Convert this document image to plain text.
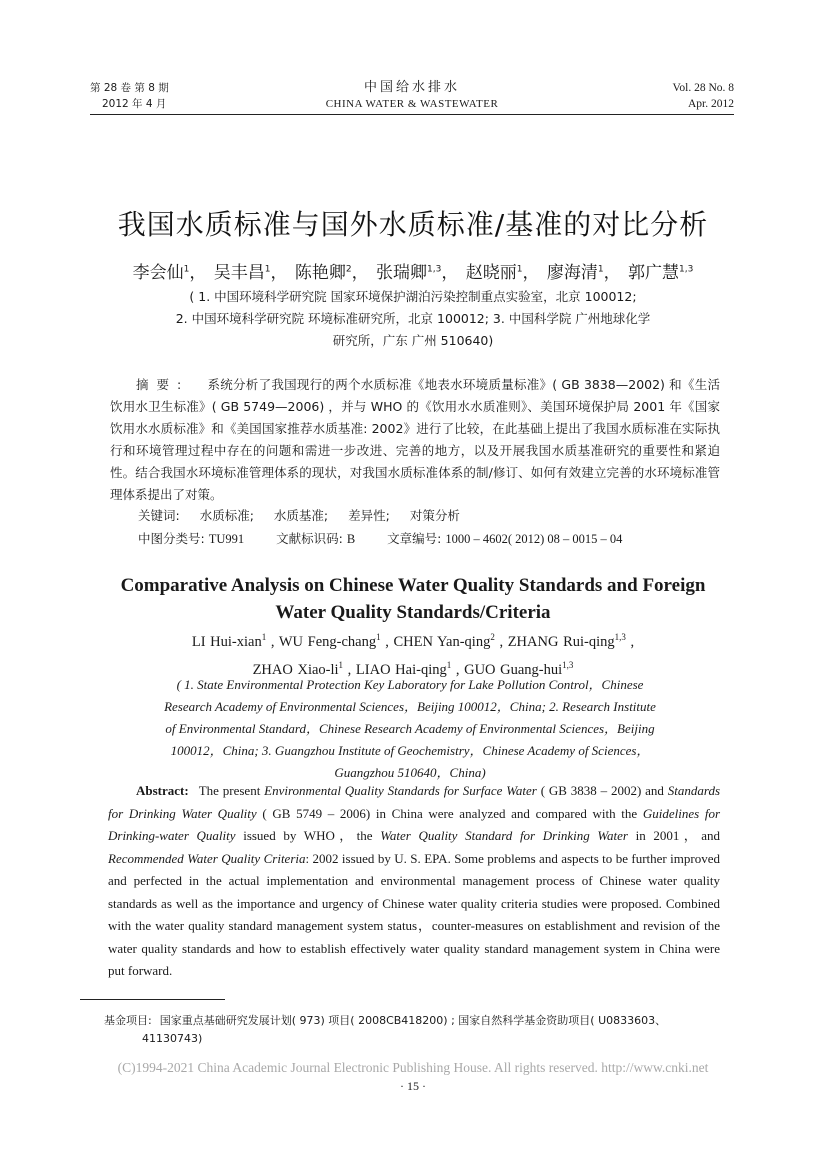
第 28 卷 第 8 期
2012 年 4 月
中国给水排水
CHINA WATER & WASTEWATER
Vol. 28 No. 8
Apr. 2012
我国水质标准与国外水质标准/基准的对比分析
李会仙$^1$， 吴丰昌$^1$， 陈艳卿$^2$， 张瑞卿$^{1,3}$， 赵晓丽$^1$， 廖海清$^1$， 郭广慧$^{1,3}$
( 1. 中国环境科学研究院 国家环境保护湖泊污染控制重点实验室，北京 100012;
2. 中国环境科学研究院 环境标准研究所，北京 100012; 3. 中国科学院 广州地球化学
研究所，广东 广州 510640)
摘要: 系统分析了我国现行的两个水质标准《地表水环境质量标准》( GB 3838—2002) 和《生活饮用水卫生标准》( GB 5749—2006) ，并与 WHO 的《饮用水水质准则》、美国环境保护局 2001 年《国家饮用水水质标准》和《美国国家推荐水质基准: 2002》进行了比较，在此基础上提出了我国水质标准在实际执行和环境管理过程中存在的问题和需进一步改进、完善的地方，以及开展我国水质基准研究的重要性和紧迫性。结合我国水环境标准管理体系的现状，对我国水质标准体系的制/修订、如何有效建立完善的水环境标准管理体系提出了对策。
关键词: 水质标准; 水质基准; 差异性; 对策分析
中图分类号: TU991	文献标识码: B	文章编号: 1000 – 4602( 2012) 08 – 0015 – 04
Comparative Analysis on Chinese Water Quality Standards and Foreign
Water Quality Standards/Criteria
LI Hui-xian$^1$ , WU Feng-chang$^1$ , CHEN Yan-qing$^2$ , ZHANG Rui-qing$^{1,3}$ ,
ZHAO Xiao-$li^1$ , LIAO Hai-qing$^1$ , GUO Guang-hui$^{1,3}$
( 1. State Environmental Protection Key Laboratory for Lake Pollution Control，Chinese
Research Academy of Environmental Sciences，Beijing 100012，China; 2. Research Institute
of Environmental Standard，Chinese Research Academy of Environmental Sciences，Beijing
100012，China; 3. Guangzhou Institute of Geochemistry，Chinese Academy of Sciences，
Guangzhou 510640，China)
Abstract: The present Environmental Quality Standards for Surface Water ( GB 3838 – 2002) and Standards for Drinking Water Quality ( GB 5749 – 2006) in China were analyzed and compared with the Guidelines for Drinking-water Quality issued by WHO，the Water Quality Standard for Drinking Water in 2001，and Recommended Water Quality Criteria: 2002 issued by U. S. EPA. Some problems and aspects to be further improved and perfected in the actual implementation and environmental management process of Chinese water quality standards as well as the importance and urgency of Chinese water quality criteria studies were proposed. Combined with the water quality standard management system status，counter-measures on establishment and revision of the water quality standards and how to establish effectively water quality standard management system in China were put forward.
基金项目: 国家重点基础研究发展计划( 973) 项目( 2008CB418200) ; 国家自然科学基金资助项目( U0833603、
41130743)
(C)1994-2021 China Academic Journal Electronic Publishing House. All rights reserved. http://www.cnki.net
· 15 ·
